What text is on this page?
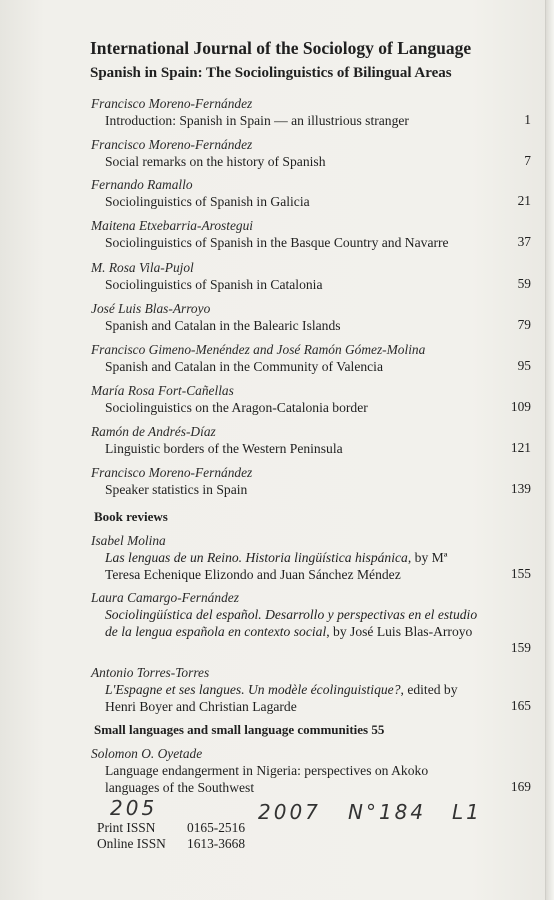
International Journal of the Sociology of Language
Spanish in Spain: The Sociolinguistics of Bilingual Areas
Francisco Moreno-Fernández
Introduction: Spanish in Spain — an illustrious stranger	1
Francisco Moreno-Fernández
Social remarks on the history of Spanish	7
Fernando Ramallo
Sociolinguistics of Spanish in Galicia	21
Maitena Etxebarria-Arostegui
Sociolinguistics of Spanish in the Basque Country and Navarre	37
M. Rosa Vila-Pujol
Sociolinguistics of Spanish in Catalonia	59
José Luis Blas-Arroyo
Spanish and Catalan in the Balearic Islands	79
Francisco Gimeno-Menéndez and José Ramón Gómez-Molina
Spanish and Catalan in the Community of Valencia	95
María Rosa Fort-Cañellas
Sociolinguistics on the Aragon-Catalonia border	109
Ramón de Andrés-Díaz
Linguistic borders of the Western Peninsula	121
Francisco Moreno-Fernández
Speaker statistics in Spain	139
Book reviews
Isabel Molina
Las lenguas de un Reino. Historia lingüística hispánica, by Mª Teresa Echenique Elizondo and Juan Sánchez Méndez	155
Laura Camargo-Fernández
Sociolingüística del español. Desarrollo y perspectivas en el estudio de la lengua española en contexto social, by José Luis Blas-Arroyo
159
Antonio Torres-Torres
L'Espagne et ses langues. Un modèle écolinguistique?, edited by Henri Boyer and Christian Lagarde	165
Small languages and small language communities 55
Solomon O. Oyetade
Language endangerment in Nigeria: perspectives on Akoko languages of the Southwest	169
205	2007 N°184 L1
Print ISSN 0165-2516
Online ISSN 1613-3668
